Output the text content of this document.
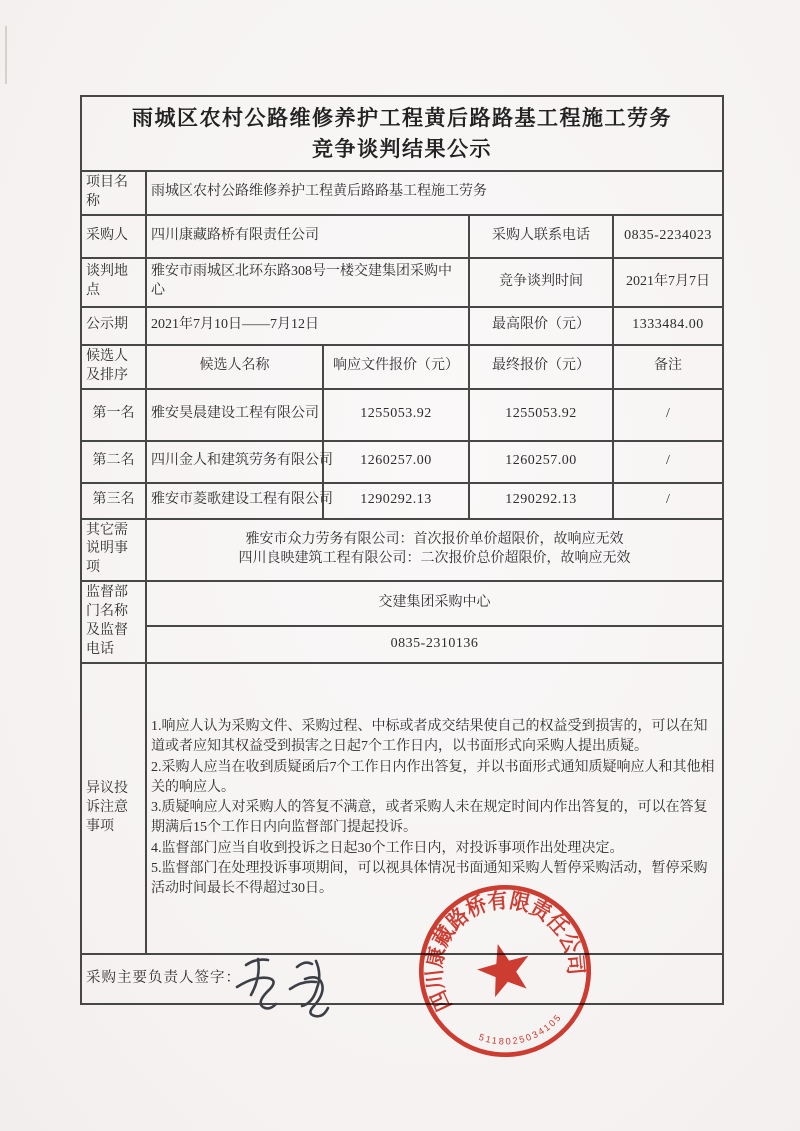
雨城区农村公路维修养护工程黄后路路基工程施工劳务
竞争谈判结果公示				

项目名称	雨城区农村公路维修养护工程黄后路路基工程施工劳务			
采购人	四川康藏路桥有限责任公司		采购人联系电话	0835-2234023
谈判地点	雅安市雨城区北环东路308号一楼交建集团采购中心		竞争谈判时间	2021年7月7日
公示期	2021年7月10日——7月12日		最高限价（元）	1333484.00
候选人及排序	候选人名称	响应文件报价（元）	最终报价（元）	备注
第一名	雅安昊晨建设工程有限公司	1255053.92	1255053.92	/
第二名	四川金人和建筑劳务有限公司	1260257.00	1260257.00	/
第三名	雅安市菱歌建设工程有限公司	1290292.13	1290292.13	/
其它需说明事项	雅安市众力劳务有限公司：首次报价单价超限价，故响应无效
四川良映建筑工程有限公司：二次报价总价超限价，故响应无效			

监督部门名称及监督电话	交建集团采购中心			
	0835-2310136			
异议投诉注意事项	1.响应人认为采购文件、采购过程、中标或者成交结果使自己的权益受到损害的，可以在知道或者应知其权益受到损害之日起7个工作日内，以书面形式向采购人提出质疑。

2.采购人应当在收到质疑函后7个工作日内作出答复，并以书面形式通知质疑响应人和其他相关的响应人。

3.质疑响应人对采购人的答复不满意，或者采购人未在规定时间内作出答复的，可以在答复期满后15个工作日内向监督部门提起投诉。

4.监督部门应当自收到投诉之日起30个工作日内，对投诉事项作出处理决定。

5.监督部门在处理投诉事项期间，可以视具体情况书面通知采购人暂停采购活动，暂停采购活动时间最长不得超过30日。			

采购主要负责人签字：				
四川康藏路桥有限责任公司
5118025034105
